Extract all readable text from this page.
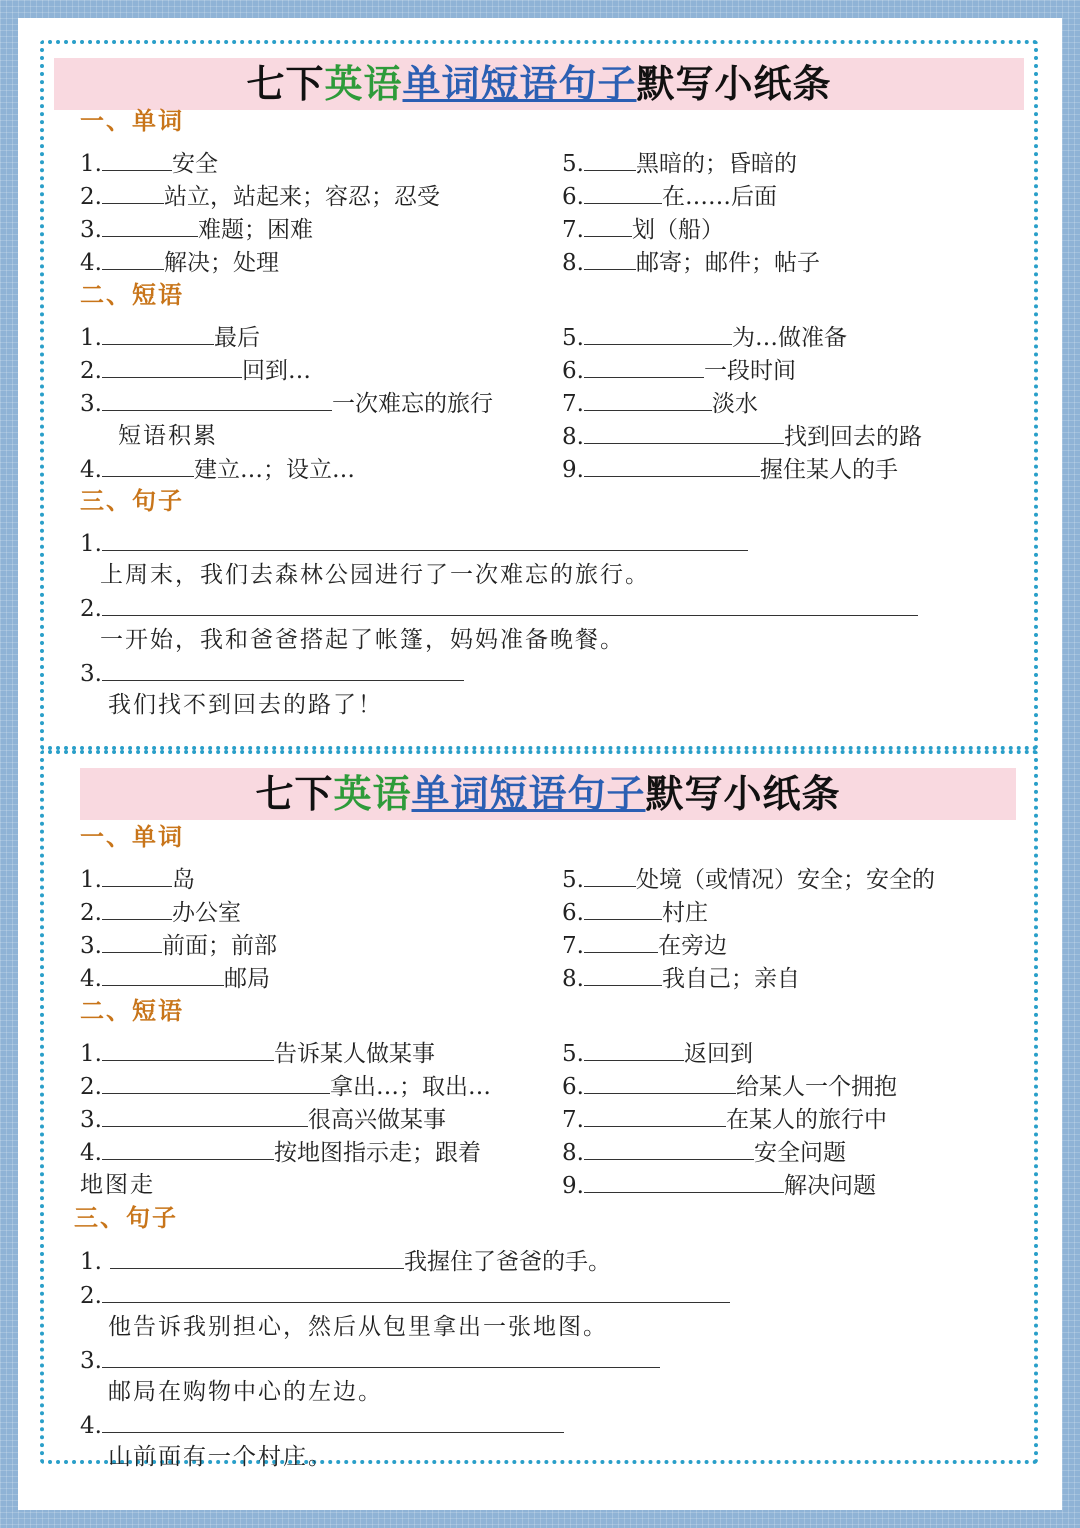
七下英语单词短语句子默写小纸条
一、单词
1.	安全
2.	站立，站起来；容忍；忍受
3.	难题；困难
4.	解决；处理
5. 黑暗的；昏暗的
6.	在……后面
7. 划（船）
8. 邮寄；邮件；帖子
二、短语
1.	最后
2.	回到…
3.	一次难忘的旅行
短语积累
4.	建立…；设立…
5.	为…做准备
6.	一段时间
7.	淡水
8.	找到回去的路
9.	握住某人的手
三、句子
1.
上周末，我们去森林公园进行了一次难忘的旅行。
2.
一开始，我和爸爸搭起了帐篷，妈妈准备晚餐。
3.
我们找不到回去的路了！
七下英语单词短语句子默写小纸条
一、单词
1.	岛
2.	办公室
3.	前面；前部
4.	邮局
5. 处境（或情况）安全；安全的
6.	村庄
7.	在旁边
8.	我自己；亲自
二、短语
1.	告诉某人做某事
2.	拿出…；取出…
3.	很高兴做某事
4.	按地图指示走；跟着
地图走
5.	返回到
6.	给某人一个拥抱
7.	在某人的旅行中
8.	安全问题
9.	解决问题
三、句子
1.	我握住了爸爸的手。
2.
他告诉我别担心，然后从包里拿出一张地图。
3.
邮局在购物中心的左边。
4.
山前面有一个村庄。
